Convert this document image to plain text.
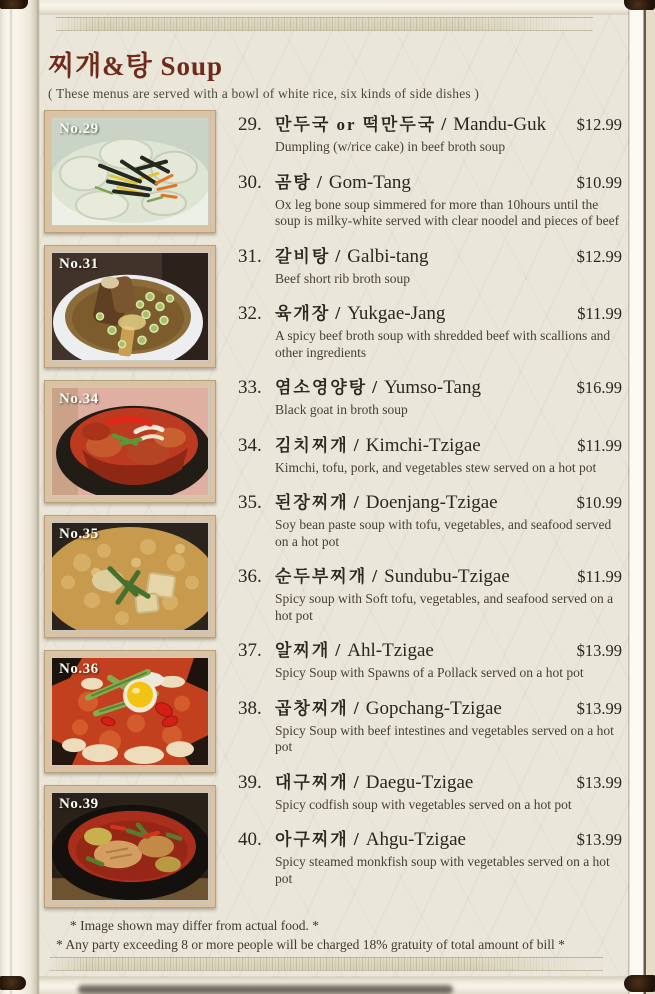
찌개&탕 Soup
( These menus are served with a bowl of white rice, six kinds of side dishes )
No.29
No.31
No.34
No.35
No.36
No.39
29. 만두국 or 떡만두국 / Mandu-Guk	$12.99
Dumpling (w/rice cake) in beef broth soup
30. 곰탕 / Gom-Tang	$10.99
Ox leg bone soup simmered for more than 10hours until the soup is milky-white served with clear noodel and pieces of beef
31. 갈비탕 / Galbi-tang	$12.99
Beef short rib broth soup
32. 육개장 / Yukgae-Jang	$11.99
A spicy beef broth soup with shredded beef with scallions and other ingredients
33. 염소영양탕 / Yumso-Tang	$16.99
Black goat in broth soup
34. 김치찌개 / Kimchi-Tzigae	$11.99
Kimchi, tofu, pork, and vegetables stew served on a hot pot
35. 된장찌개 / Doenjang-Tzigae	$10.99
Soy bean paste soup with tofu, vegetables, and seafood served on a hot pot
36. 순두부찌개 / Sundubu-Tzigae	$11.99
Spicy soup with Soft tofu, vegetables, and seafood served on a hot pot
37. 알찌개 / Ahl-Tzigae	$13.99
Spicy Soup with Spawns of a Pollack served on a hot pot
38. 곱창찌개 / Gopchang-Tzigae	$13.99
Spicy Soup with beef intestines and vegetables served on a hot pot
39. 대구찌개 / Daegu-Tzigae	$13.99
Spicy codfish soup with vegetables served on a hot pot
40. 아구찌개 / Ahgu-Tzigae	$13.99
Spicy steamed monkfish soup with vegetables served on a hot pot
* Image shown may differ from actual food. *
* Any party exceeding 8 or more people will be charged 18% gratuity of total amount of bill *
